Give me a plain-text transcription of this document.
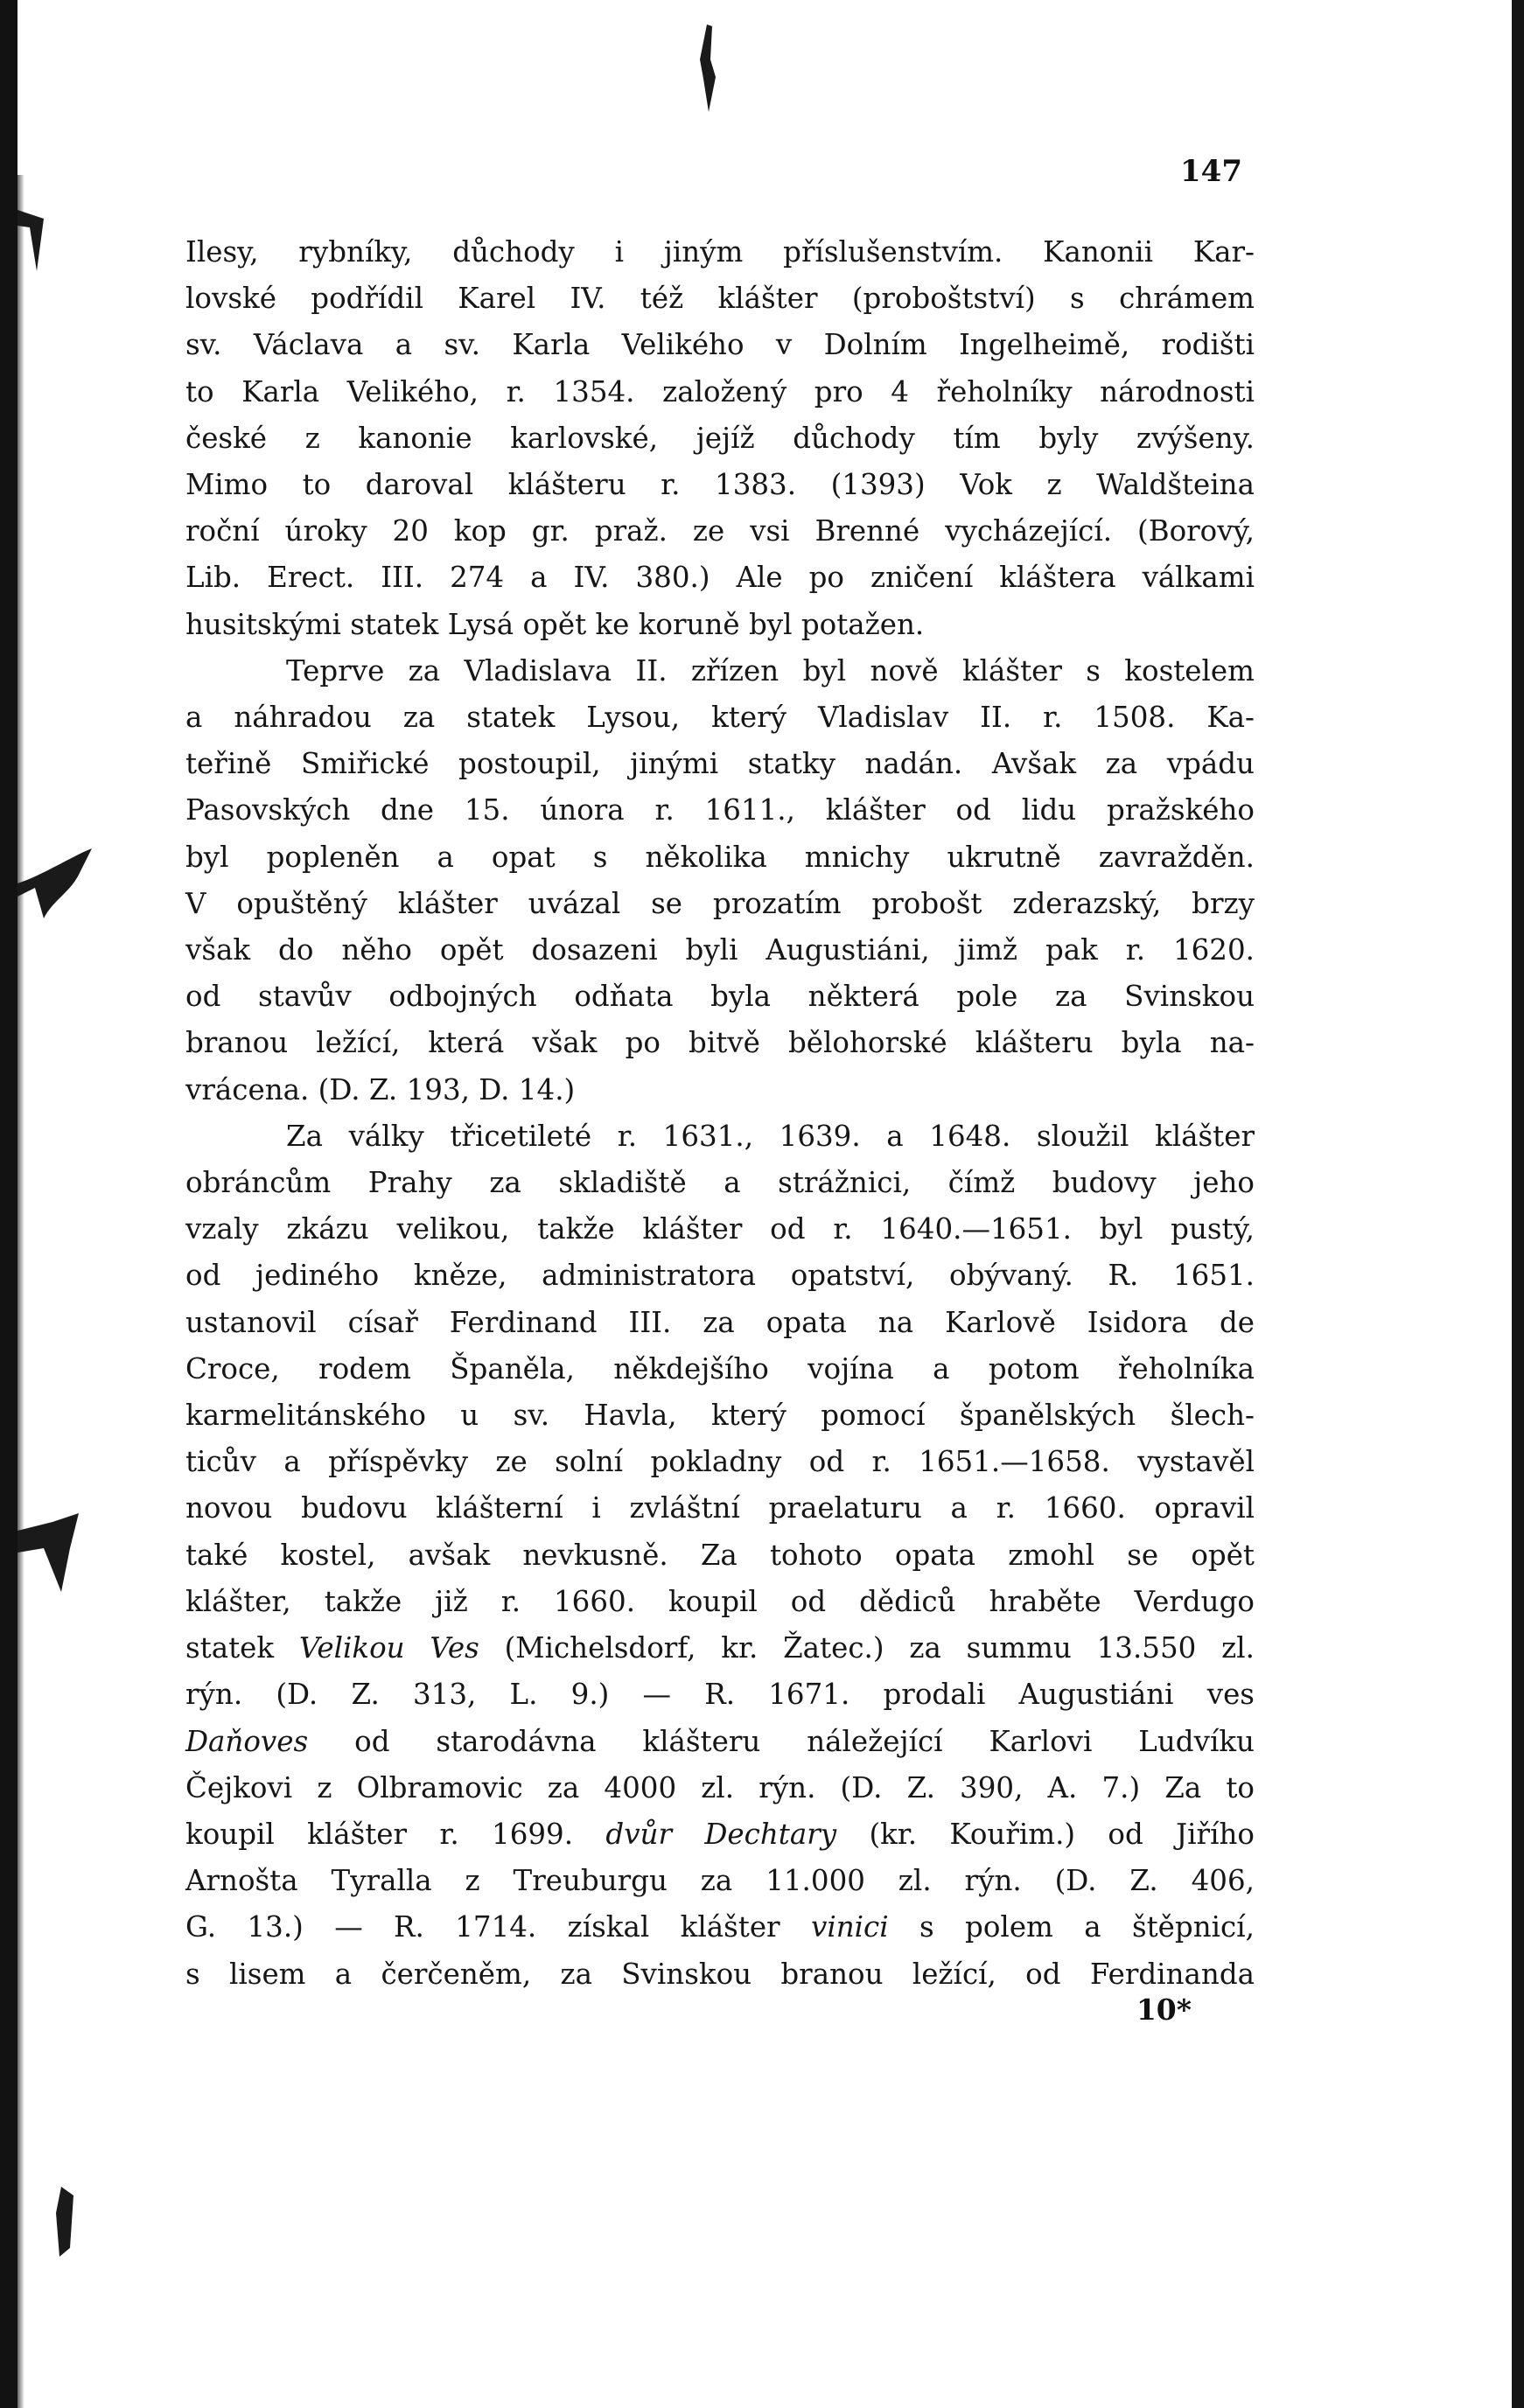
147
Ilesy, rybníky, důchody i jiným příslušenstvím. Kanonii Kar-
lovské podřídil Karel IV. též klášter (proboštství) s chrámem
sv. Václava a sv. Karla Velikého v Dolním Ingelheimě, rodišti
to Karla Velikého, r. 1354. založený pro 4 řeholníky národnosti
české z kanonie karlovské, jejíž důchody tím byly zvýšeny.
Mimo to daroval klášteru r. 1383. (1393) Vok z Waldšteina
roční úroky 20 kop gr. praž. ze vsi Brenné vycházející. (Borový,
Lib. Erect. III. 274 a IV. 380.) Ale po zničení kláštera válkami
husitskými statek Lysá opět ke koruně byl potažen.
Teprve za Vladislava II. zřízen byl nově klášter s kostelem
a náhradou za statek Lysou, který Vladislav II. r. 1508. Ka-
teřině Smiřické postoupil, jinými statky nadán. Avšak za vpádu
Pasovských dne 15. února r. 1611., klášter od lidu pražského
byl popleněn a opat s několika mnichy ukrutně zavražděn.
V opuštěný klášter uvázal se prozatím probošt zderazský, brzy
však do něho opět dosazeni byli Augustiáni, jimž pak r. 1620.
od stavův odbojných odňata byla některá pole za Svinskou
branou ležící, která však po bitvě bělohorské klášteru byla na-
vrácena. (D. Z. 193, D. 14.)
Za války třicetileté r. 1631., 1639. a 1648. sloužil klášter
obráncům Prahy za skladiště a strážnici, čímž budovy jeho
vzaly zkázu velikou, takže klášter od r. 1640.—1651. byl pustý,
od jediného kněze, administratora opatství, obývaný. R. 1651.
ustanovil císař Ferdinand III. za opata na Karlově Isidora de
Croce, rodem Španěla, někdejšího vojína a potom řeholníka
karmelitánského u sv. Havla, který pomocí španělských šlech-
ticův a příspěvky ze solní pokladny od r. 1651.—1658. vystavěl
novou budovu klášterní i zvláštní praelaturu a r. 1660. opravil
také kostel, avšak nevkusně. Za tohoto opata zmohl se opět
klášter, takže již r. 1660. koupil od dědiců hraběte Verdugo
statek Velikou Ves (Michelsdorf, kr. Žatec.) za summu 13.550 zl.
rýn. (D. Z. 313, L. 9.) — R. 1671. prodali Augustiáni ves
Daňoves od starodávna klášteru náležející Karlovi Ludvíku
Čejkovi z Olbramovic za 4000 zl. rýn. (D. Z. 390, A. 7.) Za to
koupil klášter r. 1699. dvůr Dechtary (kr. Kouřim.) od Jiřího
Arnošta Tyralla z Treuburgu za 11.000 zl. rýn. (D. Z. 406,
G. 13.) — R. 1714. získal klášter vinici s polem a štěpnicí,
s lisem a čerčeněm, za Svinskou branou ležící, od Ferdinanda
10*
